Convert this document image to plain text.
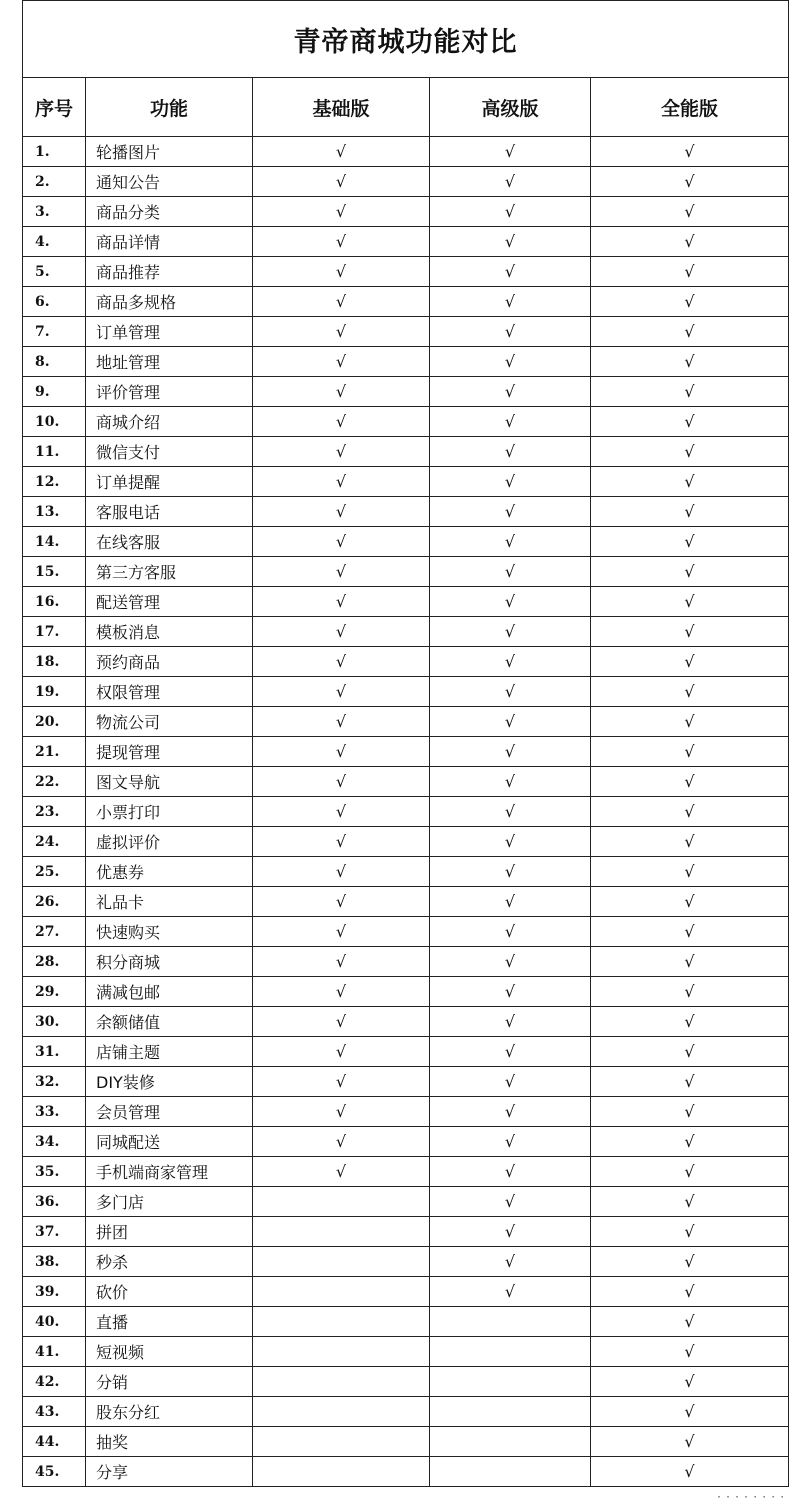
青帝商城功能对比				
序号	功能	基础版	高级版	全能版
1.	轮播图片	√	√	√
2.	通知公告	√	√	√
3.	商品分类	√	√	√
4.	商品详情	√	√	√
5.	商品推荐	√	√	√
6.	商品多规格	√	√	√
7.	订单管理	√	√	√
8.	地址管理	√	√	√
9.	评价管理	√	√	√
10.	商城介绍	√	√	√
11.	微信支付	√	√	√
12.	订单提醒	√	√	√
13.	客服电话	√	√	√
14.	在线客服	√	√	√
15.	第三方客服	√	√	√
16.	配送管理	√	√	√
17.	模板消息	√	√	√
18.	预约商品	√	√	√
19.	权限管理	√	√	√
20.	物流公司	√	√	√
21.	提现管理	√	√	√
22.	图文导航	√	√	√
23.	小票打印	√	√	√
24.	虚拟评价	√	√	√
25.	优惠券	√	√	√
26.	礼品卡	√	√	√
27.	快速购买	√	√	√
28.	积分商城	√	√	√
29.	满减包邮	√	√	√
30.	余额储值	√	√	√
31.	店铺主题	√	√	√
32.	DIY装修	√	√	√
33.	会员管理	√	√	√
34.	同城配送	√	√	√
35.	手机端商家管理	√	√	√
36.	多门店		√	√
37.	拼团		√	√
38.	秒杀		√	√
39.	砍价		√	√
40.	直播			√
41.	短视频			√
42.	分销			√
43.	股东分红			√
44.	抽奖			√
45.	分享			√
········
